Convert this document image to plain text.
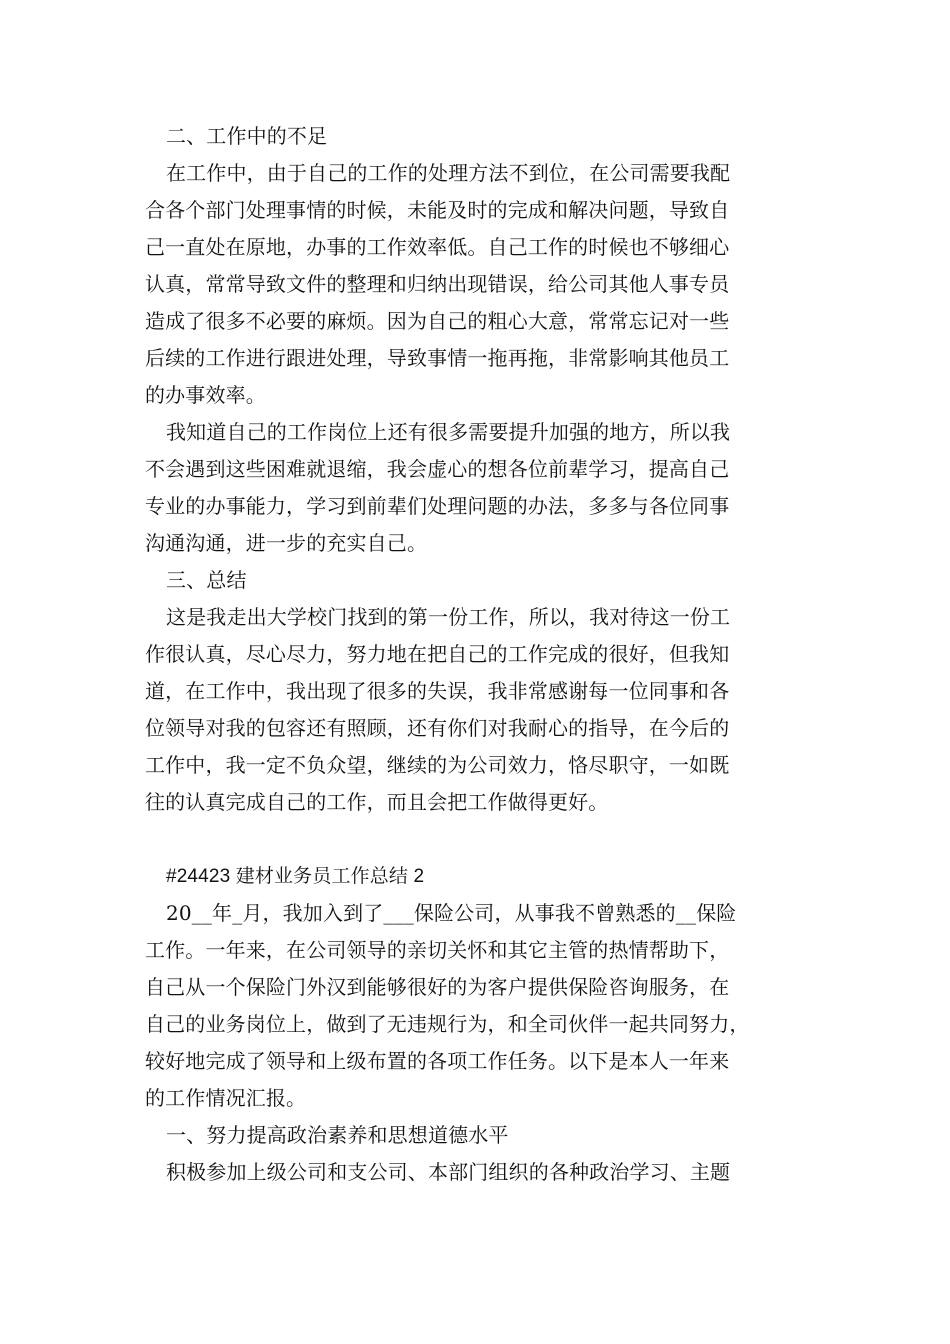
二、工作中的不足
在工作中，由于自己的工作的处理方法不到位，在公司需要我配
合各个部门处理事情的时候，未能及时的完成和解决问题，导致自
己一直处在原地，办事的工作效率低。自己工作的时候也不够细心
认真，常常导致文件的整理和归纳出现错误，给公司其他人事专员
造成了很多不必要的麻烦。因为自己的粗心大意，常常忘记对一些
后续的工作进行跟进处理，导致事情一拖再拖，非常影响其他员工
的办事效率。
我知道自己的工作岗位上还有很多需要提升加强的地方，所以我
不会遇到这些困难就退缩，我会虚心的想各位前辈学习，提高自己
专业的办事能力，学习到前辈们处理问题的办法，多多与各位同事
沟通沟通，进一步的充实自己。
三、总结
这是我走出大学校门找到的第一份工作，所以，我对待这一份工
作很认真，尽心尽力，努力地在把自己的工作完成的很好，但我知
道，在工作中，我出现了很多的失误，我非常感谢每一位同事和各
位领导对我的包容还有照顾，还有你们对我耐心的指导，在今后的
工作中，我一定不负众望，继续的为公司效力，恪尽职守，一如既
往的认真完成自己的工作，而且会把工作做得更好。
#24423 建材业务员工作总结 2
20__年_月，我加入到了___保险公司，从事我不曾熟悉的__保险
工作。一年来，在公司领导的亲切关怀和其它主管的热情帮助下，
自己从一个保险门外汉到能够很好的为客户提供保险咨询服务，在
自己的业务岗位上，做到了无违规行为，和全司伙伴一起共同努力，
较好地完成了领导和上级布置的各项工作任务。以下是本人一年来
的工作情况汇报。
一、努力提高政治素养和思想道德水平
积极参加上级公司和支公司、本部门组织的各种政治学习、主题
